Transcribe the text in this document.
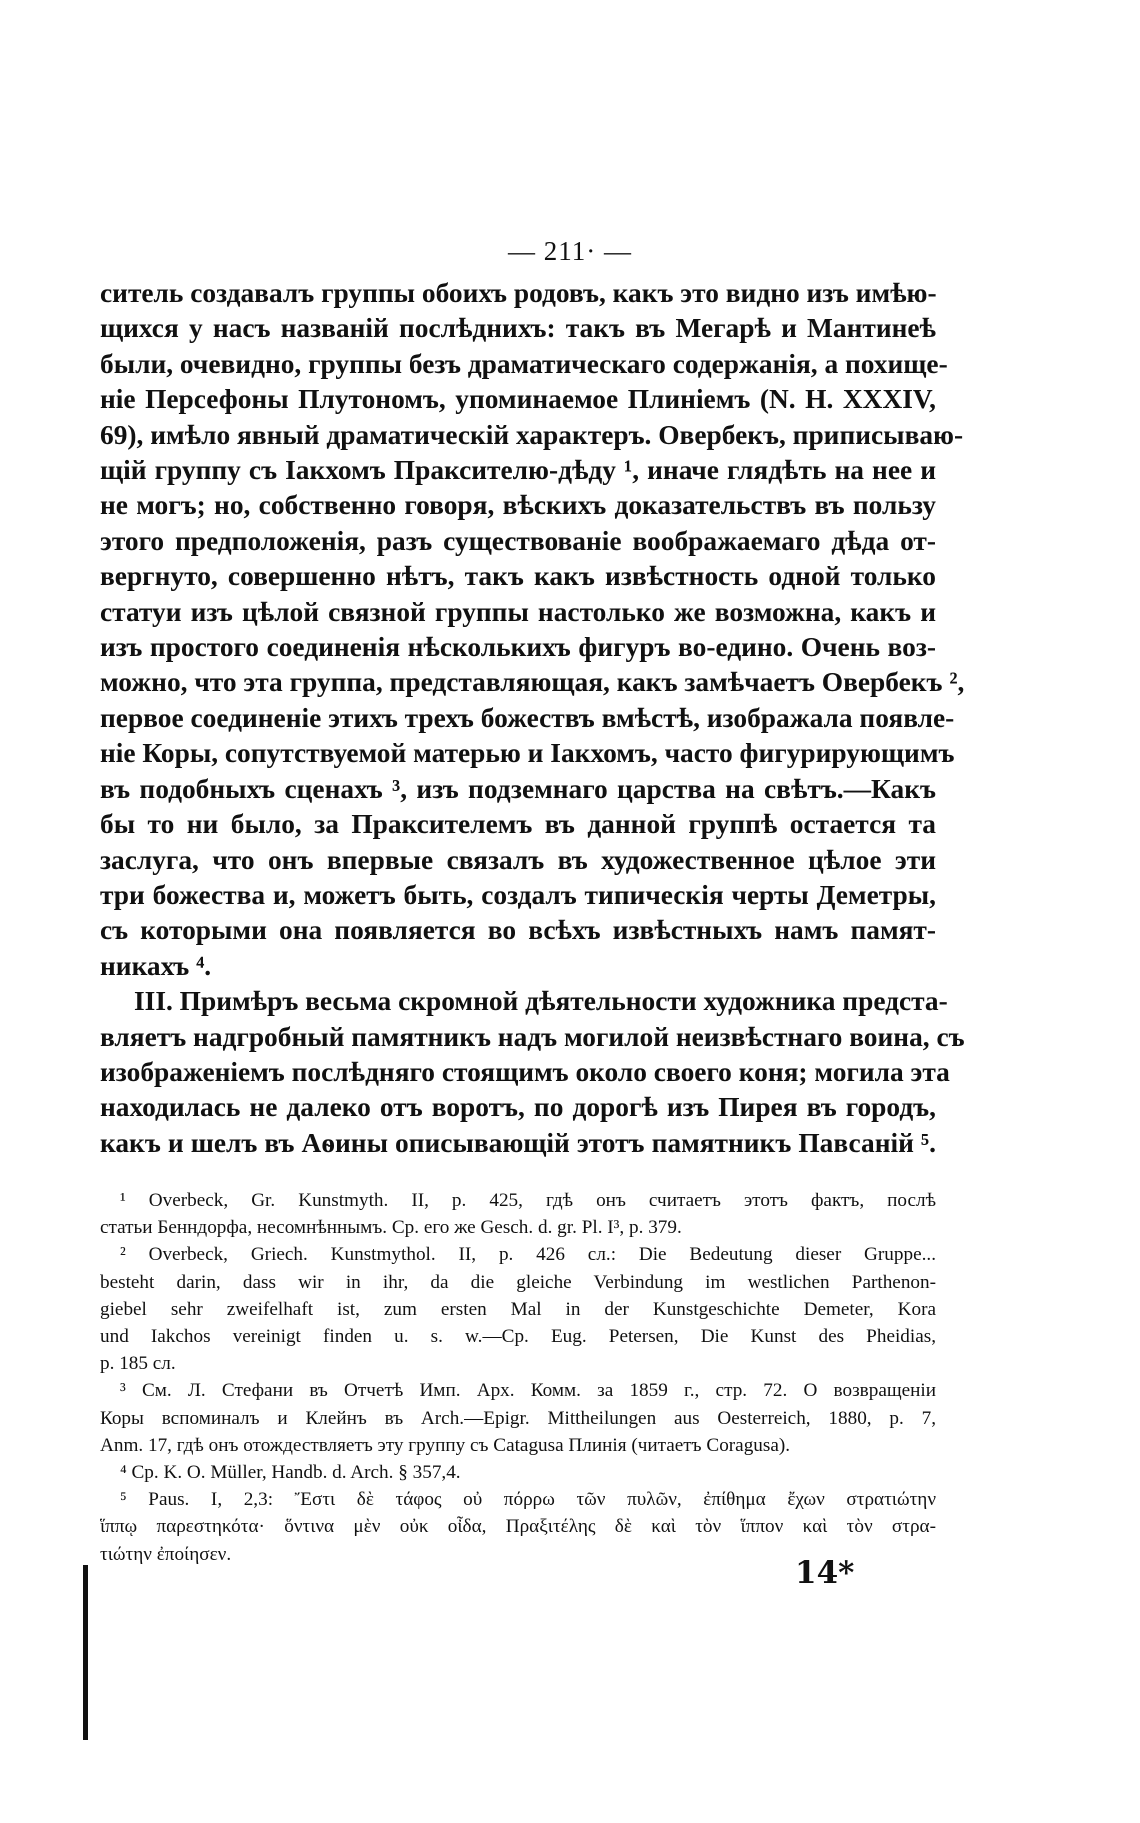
— 211· —
ситель создавалъ группы обоихъ родовъ, какъ это видно изъ имѣю-
щихся у насъ названій послѣднихъ: такъ въ Мегарѣ и Мантинеѣ
были, очевидно, группы безъ драматическаго содержанія, а похище-
ніе Персефоны Плутономъ, упоминаемое Плиніемъ (N. H. XXXIV,
69), имѣло явный драматическій характеръ. Овербекъ, приписываю-
щій группу съ Іакхомъ Праксителю-дѣду ¹, иначе глядѣть на нее и
не могъ; но, собственно говоря, вѣскихъ доказательствъ въ пользу
этого предположенія, разъ существованіе воображаемаго дѣда от-
вергнуто, совершенно нѣтъ, такъ какъ извѣстность одной только
статуи изъ цѣлой связной группы настолько же возможна, какъ и
изъ простого соединенія нѣсколькихъ фигуръ во-едино. Очень воз-
можно, что эта группа, представляющая, какъ замѣчаетъ Овербекъ ²,
первое соединеніе этихъ трехъ божествъ вмѣстѣ, изображала появле-
ніе Коры, сопутствуемой матерью и Іакхомъ, часто фигурирующимъ
въ подобныхъ сценахъ ³, изъ подземнаго царства на свѣтъ.—Какъ
бы то ни было, за Праксителемъ въ данной группѣ остается та
заслуга, что онъ впервые связалъ въ художественное цѣлое эти
три божества и, можетъ быть, создалъ типическія черты Деметры,
съ которыми она появляется во всѣхъ извѣстныхъ намъ памят-
никахъ ⁴.
III. Примѣръ весьма скромной дѣятельности художника предста-
вляетъ надгробный памятникъ надъ могилой неизвѣстнаго воина, съ
изображеніемъ послѣдняго стоящимъ около своего коня; могила эта
находилась не далеко отъ воротъ, по дорогѣ изъ Пирея въ городъ,
какъ и шелъ въ Аѳины описывающій этотъ памятникъ Павсаній ⁵.
¹ Overbeck, Gr. Kunstmyth. II, p. 425, гдѣ онъ считаетъ этотъ фактъ, послѣ
статьи Бенндорфа, несомнѣннымъ. Ср. его же Gesch. d. gr. Pl. I³, p. 379.
² Overbeck, Griech. Kunstmythol. II, p. 426 сл.: Die Bedeutung dieser Gruppe...
besteht darin, dass wir in ihr, da die gleiche Verbindung im westlichen Parthenon-
giebel sehr zweifelhaft ist, zum ersten Mal in der Kunstgeschichte Demeter, Kora
und Iakchos vereinigt finden u. s. w.—Ср. Eug. Petersen, Die Kunst des Pheidias,
p. 185 сл.
³ См. Л. Стефани въ Отчетѣ Имп. Арх. Комм. за 1859 г., стр. 72. О возвращеніи
Коры вспоминалъ и Клейнъ въ Arch.—Epigr. Mittheilungen aus Oesterreich, 1880, p. 7,
Anm. 17, гдѣ онъ отождествляетъ эту группу съ Catagusa Плинія (читаетъ Coragusa).
⁴ Ср. K. O. Müller, Handb. d. Arch. § 357,4.
⁵ Paus. I, 2,3: Ἔστι δὲ τάφος οὐ πόρρω τῶν πυλῶν, ἐπίθημα ἔχων στρατιώτην
ἵππῳ παρεστηκότα· ὅντινα μὲν οὐκ οἶδα, Πραξιτέλης δὲ καὶ τὸν ἵππον καὶ τὸν στρα-
τιώτην ἐποίησεν.
14*
